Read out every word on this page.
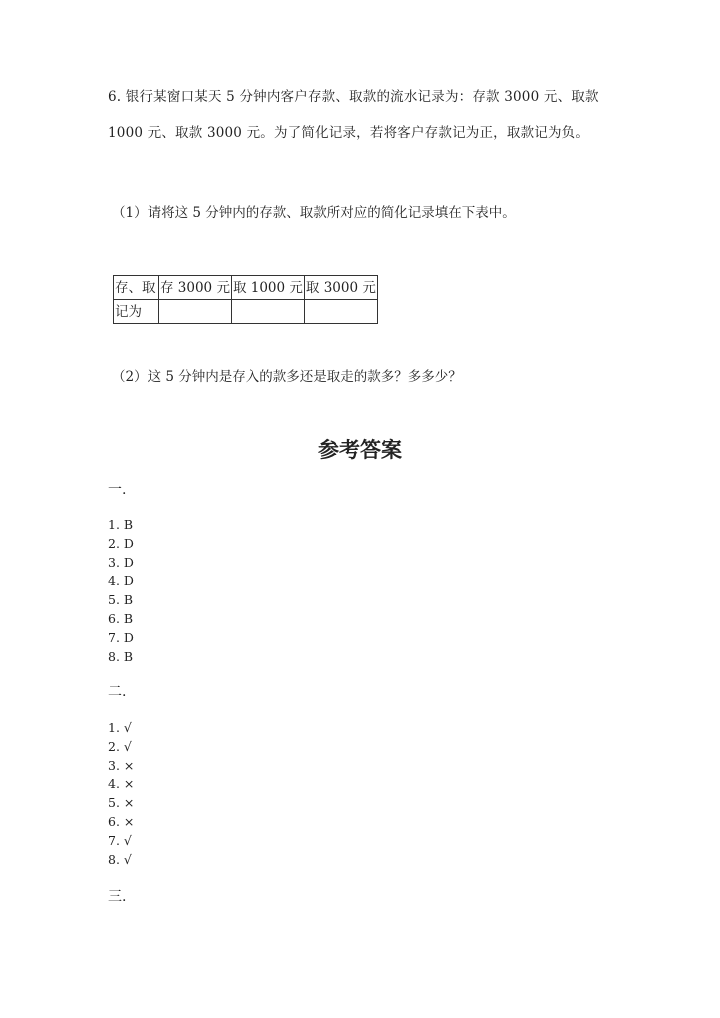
6. 银行某窗口某天 5 分钟内客户存款、取款的流水记录为：存款 3000 元、取款
1000 元、取款 3000 元。为了简化记录，若将客户存款记为正，取款记为负。
（1）请将这 5 分钟内的存款、取款所对应的简化记录填在下表中。
存、取	存 3000 元	取 1000 元	取 3000 元
记为			
（2）这 5 分钟内是存入的款多还是取走的款多？多多少？
参考答案
一.
1. B
2. D
3. D
4. D
5. B
6. B
7. D
8. B
二.
1. √
2. √
3. ×
4. ×
5. ×
6. ×
7. √
8. √
三.
